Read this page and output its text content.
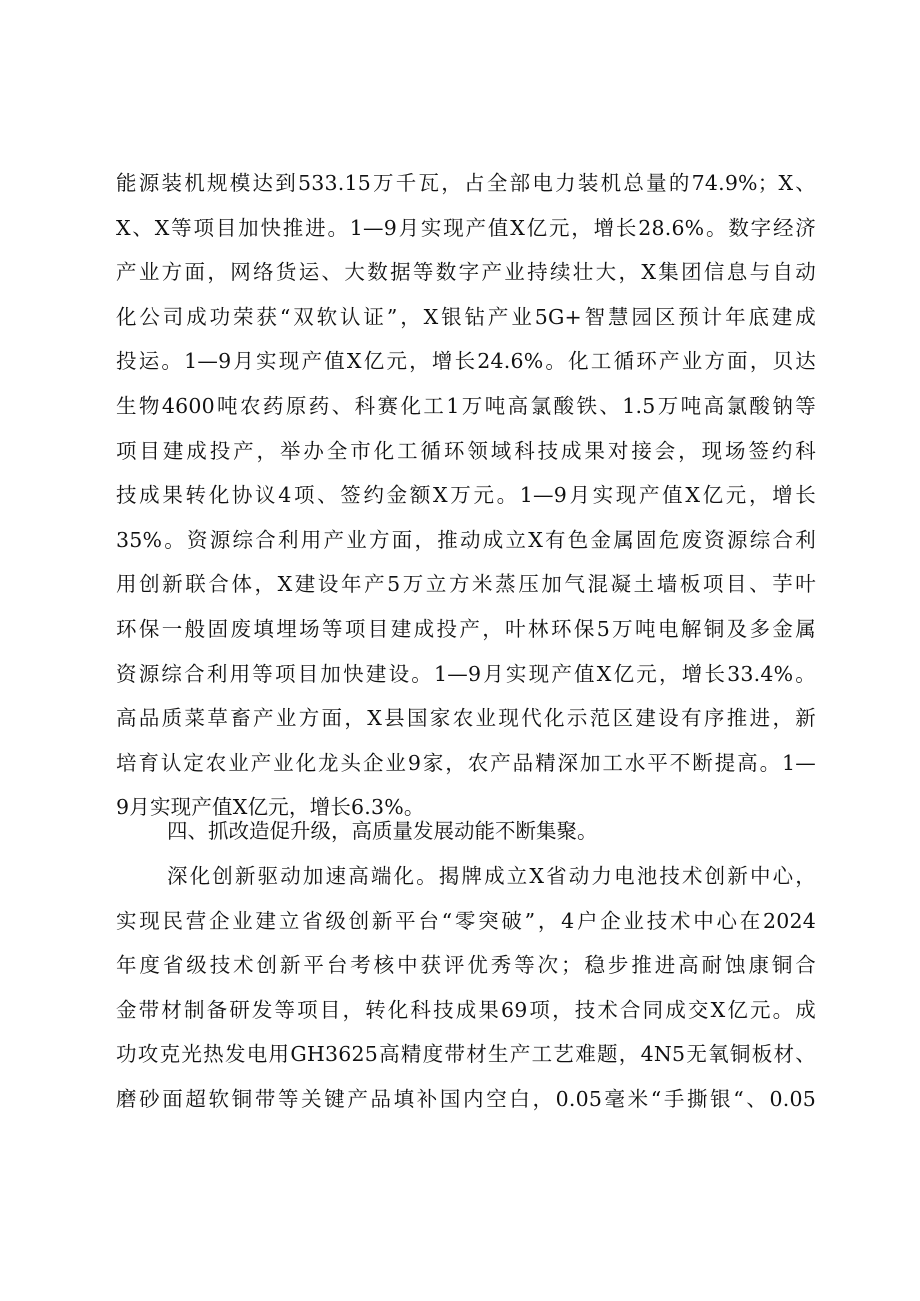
能源装机规模达到533.15万千瓦，占全部电力装机总量的74.9%；X、
X、X等项目加快推进。1—9月实现产值X亿元，增长28.6%。数字经济
产业方面，网络货运、大数据等数字产业持续壮大，X集团信息与自动
化公司成功荣获“双软认证”，X银钻产业5G+智慧园区预计年底建成
投运。1—9月实现产值X亿元，增长24.6%。化工循环产业方面，贝达
生物4600吨农药原药、科赛化工1万吨高氯酸铁、1.5万吨高氯酸钠等
项目建成投产，举办全市化工循环领域科技成果对接会，现场签约科
技成果转化协议4项、签约金额X万元。1—9月实现产值X亿元，增长
35%。资源综合利用产业方面，推动成立X有色金属固危废资源综合利
用创新联合体，X建设年产5万立方米蒸压加气混凝土墙板项目、芋叶
环保一般固废填埋场等项目建成投产，叶林环保5万吨电解铜及多金属
资源综合利用等项目加快建设。1—9月实现产值X亿元，增长33.4%。
高品质菜草畜产业方面，X县国家农业现代化示范区建设有序推进，新
培育认定农业产业化龙头企业9家，农产品精深加工水平不断提高。1—
9月实现产值X亿元，增长6.3%。
四、抓改造促升级，高质量发展动能不断集聚。
深化创新驱动加速高端化。揭牌成立X省动力电池技术创新中心，
实现民营企业建立省级创新平台“零突破”，4户企业技术中心在2024
年度省级技术创新平台考核中获评优秀等次；稳步推进高耐蚀康铜合
金带材制备研发等项目，转化科技成果69项，技术合同成交X亿元。成
功攻克光热发电用GH3625高精度带材生产工艺难题，4N5无氧铜板材、
磨砂面超软铜带等关键产品填补国内空白，0.05毫米“手撕银“、0.05
